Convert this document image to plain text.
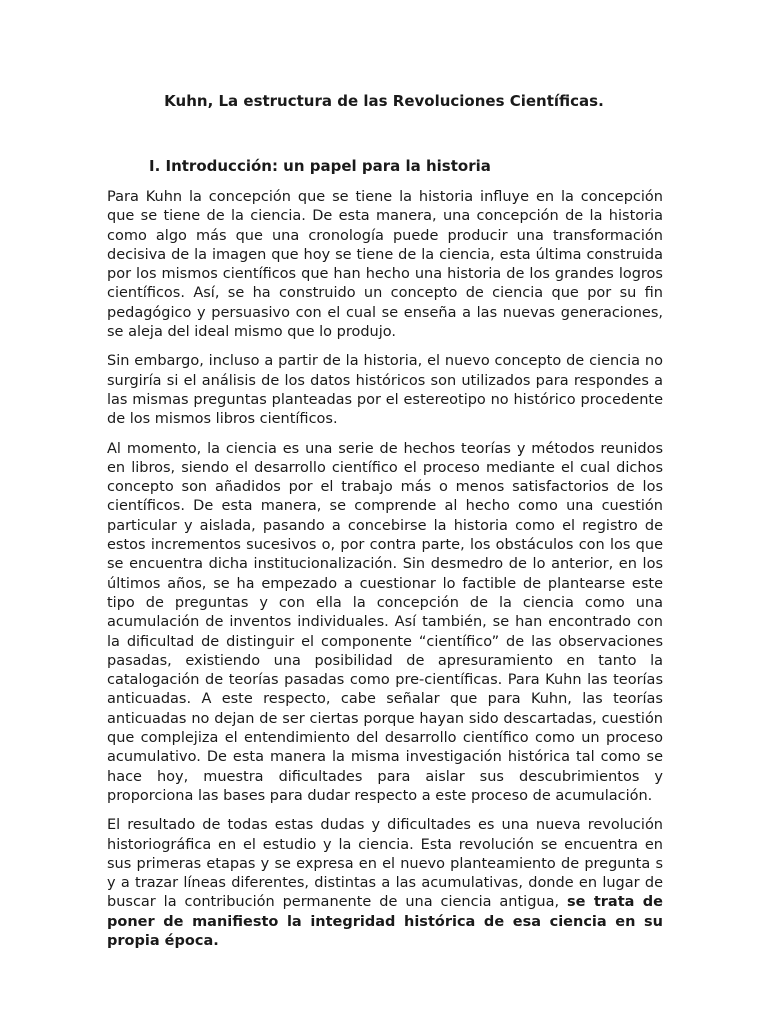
Kuhn, La estructura de las Revoluciones Científicas.
I. Introducción: un papel para la historia

Para Kuhn la concepción que se tiene la historia influye en la concepción que se tiene de la ciencia. De esta manera, una concepción de la historia como algo más que una cronología puede producir una transformación decisiva de la imagen que hoy se tiene de la ciencia, esta última construida por los mismos científicos que han hecho una historia de los grandes logros científicos. Así, se ha construido un concepto de ciencia que por su fin pedagógico y persuasivo con el cual se enseña a las nuevas generaciones, se aleja del ideal mismo que lo produjo.

Sin embargo, incluso a partir de la historia, el nuevo concepto de ciencia no surgiría si el análisis de los datos históricos son utilizados para respondes a las mismas preguntas planteadas por el estereotipo no histórico procedente de los mismos libros científicos.

Al momento, la ciencia es una serie de hechos teorías y métodos reunidos en libros, siendo el desarrollo científico el proceso mediante el cual dichos concepto son añadidos por el trabajo más o menos satisfactorios de los científicos. De esta manera, se comprende al hecho como una cuestión particular y aislada, pasando a concebirse la historia como el registro de estos incrementos sucesivos o, por contra parte, los obstáculos con los que se encuentra dicha institucionalización. Sin desmedro de lo anterior, en los últimos años, se ha empezado a cuestionar lo factible de plantearse este tipo de preguntas y con ella la concepción de la ciencia como una acumulación de inventos individuales. Así también, se han encontrado con la dificultad de distinguir el componente “científico” de las observaciones pasadas, existiendo una posibilidad de apresuramiento en tanto la catalogación de teorías pasadas como pre-científicas. Para Kuhn las teorías anticuadas. A este respecto, cabe señalar que para Kuhn, las teorías anticuadas no dejan de ser ciertas porque hayan sido descartadas, cuestión que complejiza el entendimiento del desarrollo científico como un proceso acumulativo. De esta manera la misma investigación histórica tal como se hace hoy, muestra dificultades para aislar sus descubrimientos y proporciona las bases para dudar respecto a este proceso de acumulación.

El resultado de todas estas dudas y dificultades es una nueva revolución historiográfica en el estudio y la ciencia. Esta revolución se encuentra en sus primeras etapas y se expresa en el nuevo planteamiento de pregunta s y a trazar líneas diferentes, distintas a las acumulativas, donde en lugar de buscar la contribución permanente de una ciencia antigua, se trata de poner de manifiesto la integridad histórica de esa ciencia en su propia época.
